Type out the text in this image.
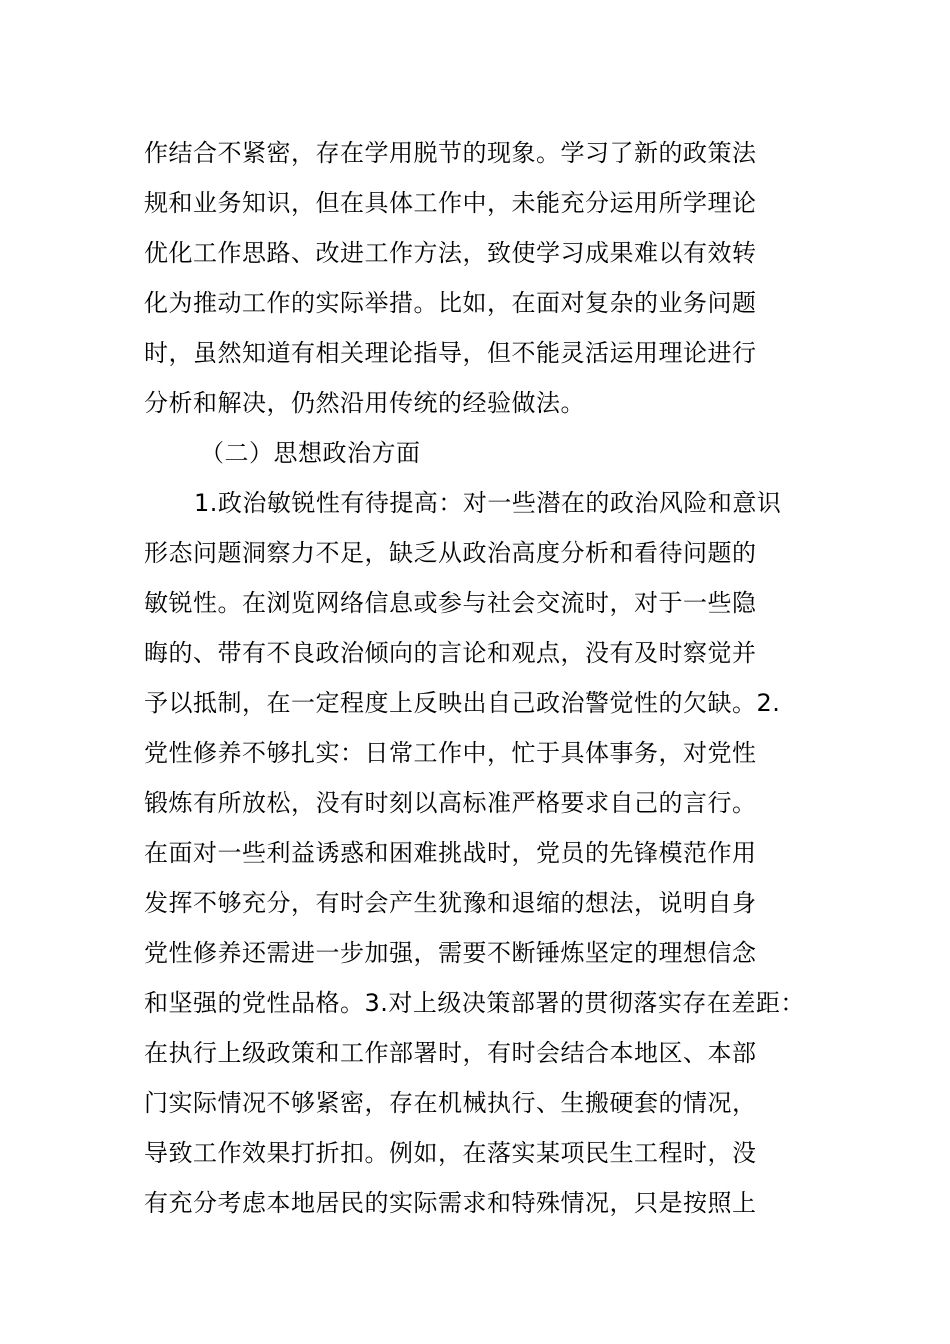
作结合不紧密，存在学用脱节的现象。学习了新的政策法
规和业务知识，但在具体工作中，未能充分运用所学理论
优化工作思路、改进工作方法，致使学习成果难以有效转
化为推动工作的实际举措。比如，在面对复杂的业务问题
时，虽然知道有相关理论指导，但不能灵活运用理论进行
分析和解决，仍然沿用传统的经验做法。
（二）思想政治方面
1.政治敏锐性有待提高：对一些潜在的政治风险和意识
形态问题洞察力不足，缺乏从政治高度分析和看待问题的
敏锐性。在浏览网络信息或参与社会交流时，对于一些隐
晦的、带有不良政治倾向的言论和观点，没有及时察觉并
予以抵制，在一定程度上反映出自己政治警觉性的欠缺。2.
党性修养不够扎实：日常工作中，忙于具体事务，对党性
锻炼有所放松，没有时刻以高标准严格要求自己的言行。
在面对一些利益诱惑和困难挑战时，党员的先锋模范作用
发挥不够充分，有时会产生犹豫和退缩的想法，说明自身
党性修养还需进一步加强，需要不断锤炼坚定的理想信念
和坚强的党性品格。3.对上级决策部署的贯彻落实存在差距：
在执行上级政策和工作部署时，有时会结合本地区、本部
门实际情况不够紧密，存在机械执行、生搬硬套的情况，
导致工作效果打折扣。例如，在落实某项民生工程时，没
有充分考虑本地居民的实际需求和特殊情况，只是按照上
